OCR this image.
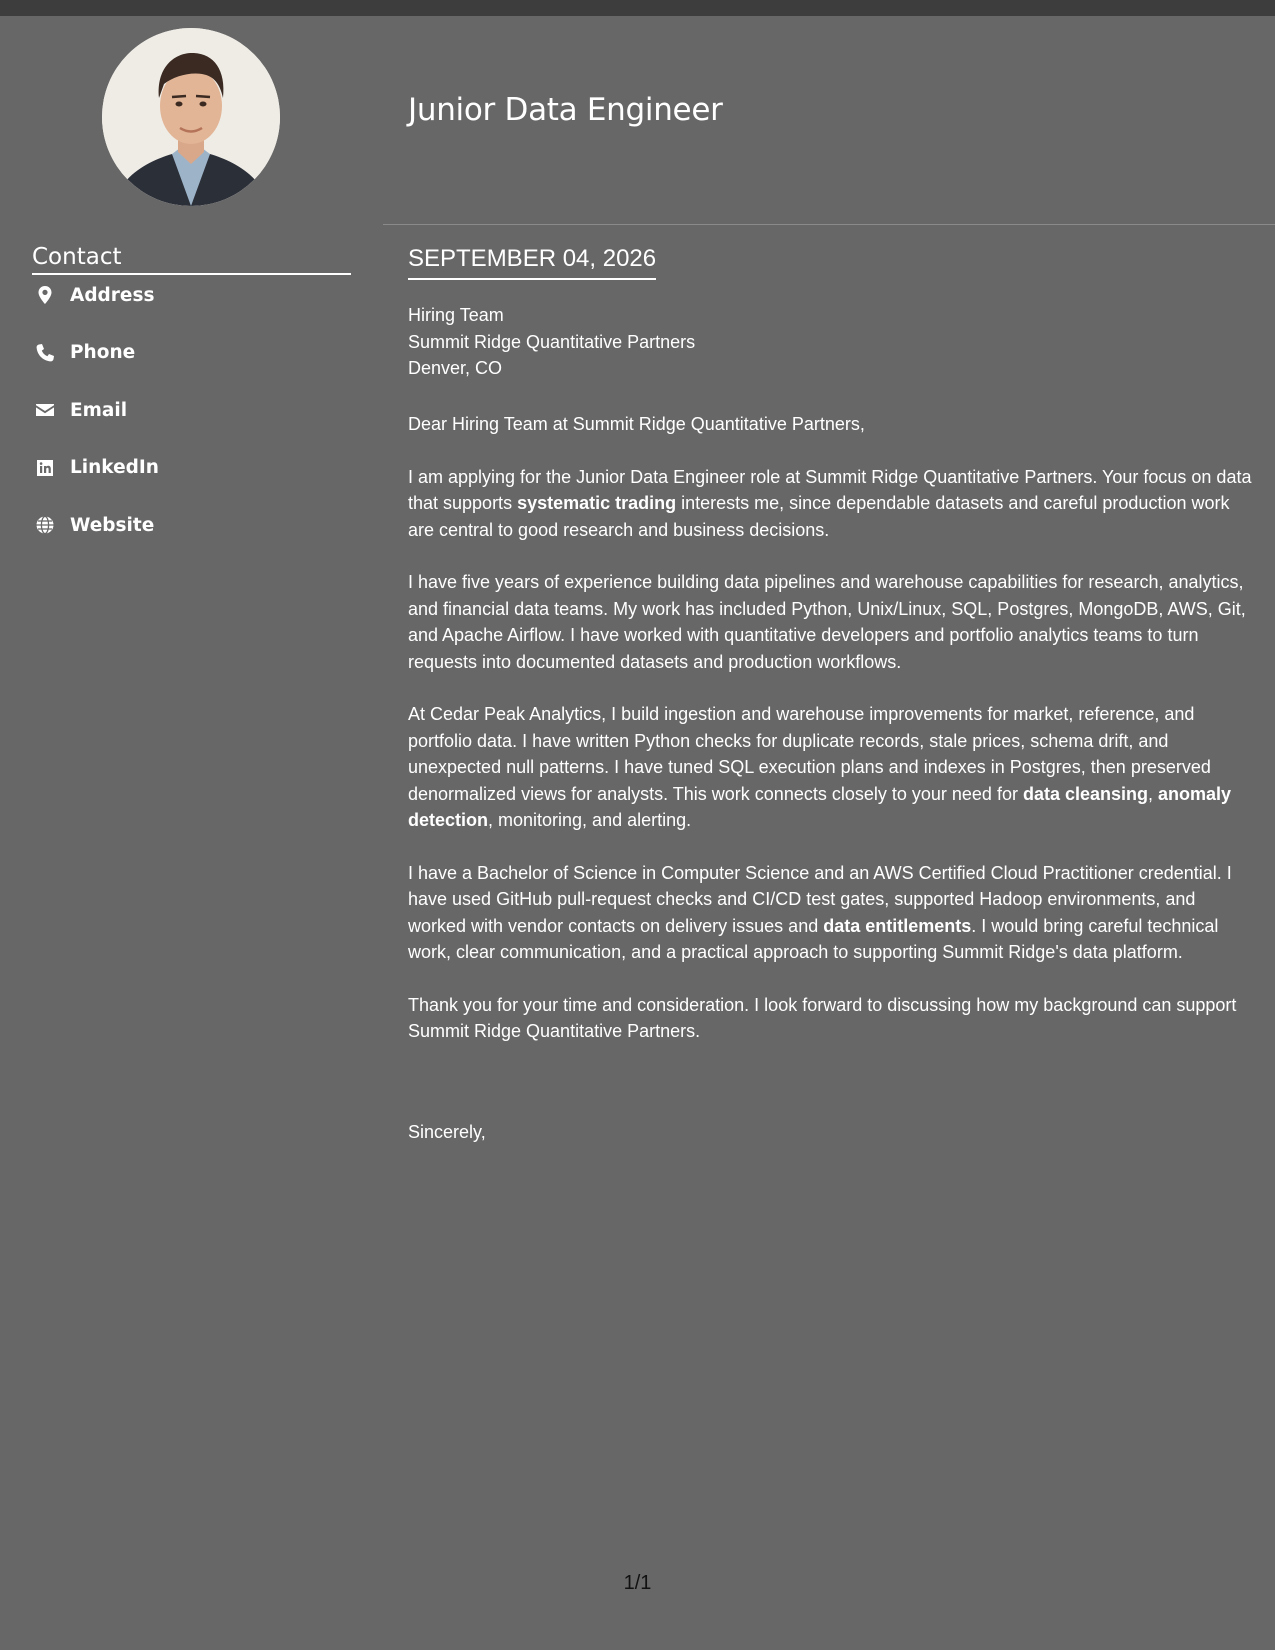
Contact
Address
Phone
Email
LinkedIn
Website
Junior Data Engineer
SEPTEMBER 04, 2026
Hiring Team
Summit Ridge Quantitative Partners
Denver, CO

Dear Hiring Team at Summit Ridge Quantitative Partners,

I am applying for the Junior Data Engineer role at Summit Ridge Quantitative Partners. Your focus on data that supports systematic trading interests me, since dependable datasets and careful production work are central to good research and business decisions.

I have five years of experience building data pipelines and warehouse capabilities for research, analytics, and financial data teams. My work has included Python, Unix/Linux, SQL, Postgres, MongoDB, AWS, Git, and Apache Airflow. I have worked with quantitative developers and portfolio analytics teams to turn requests into documented datasets and production workflows.

At Cedar Peak Analytics, I build ingestion and warehouse improvements for market, reference, and portfolio data. I have written Python checks for duplicate records, stale prices, schema drift, and unexpected null patterns. I have tuned SQL execution plans and indexes in Postgres, then preserved denormalized views for analysts. This work connects closely to your need for data cleansing, anomaly detection, monitoring, and alerting.

I have a Bachelor of Science in Computer Science and an AWS Certified Cloud Practitioner credential. I have used GitHub pull-request checks and CI/CD test gates, supported Hadoop environments, and worked with vendor contacts on delivery issues and data entitlements. I would bring careful technical work, clear communication, and a practical approach to supporting Summit Ridge's data platform.

Thank you for your time and consideration. I look forward to discussing how my background can support Summit Ridge Quantitative Partners.

Sincerely,
1/1
